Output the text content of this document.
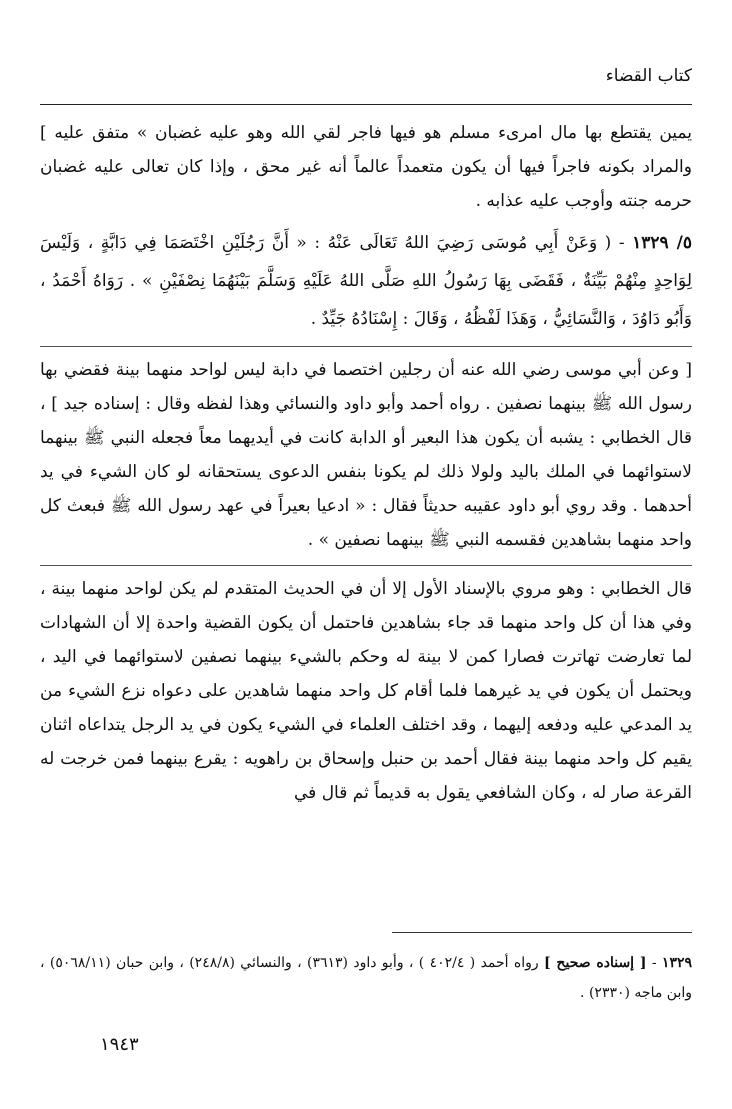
كتاب القضاء

يمين يقتطع بها مال امرىء مسلم هو فيها فاجر لقي الله وهو عليه غضبان » متفق عليه ] والمراد بكونه فاجراً فيها أن يكون متعمداً عالماً أنه غير محق ، وإذا كان تعالى عليه غضبان حرمه جنته وأوجب عليه عذابه .

٥/ ١٣٢٩ - ( وَعَنْ أَبِي مُوسَى رَضِيَ اللهُ تَعَالَى عَنْهُ : « أَنَّ رَجُلَيْنِ اخْتَصَمَا فِي دَابَّةٍ ، وَلَيْسَ لِوَاحِدٍ مِنْهُمْ بَيِّنَةٌ ، فَقَضَى بِهَا رَسُولُ اللهِ صَلَّى اللهُ عَلَيْهِ وَسَلَّمَ بَيْنَهُمَا نِصْفَيْنِ » . رَوَاهُ أَحْمَدُ ، وَأَبُو دَاوُدَ ، وَالنَّسَائِيُّ ، وَهَذَا لَفْظُهُ ، وَقَالَ : إِسْنَادُهُ جَيِّدٌ .

[ وعن أبي موسى رضي الله عنه أن رجلين اختصما في دابة ليس لواحد منهما بينة فقضي بها رسول الله ﷺ بينهما نصفين . رواه أحمد وأبو داود والنسائي وهذا لفظه وقال : إسناده جيد ] ، قال الخطابي : يشبه أن يكون هذا البعير أو الدابة كانت في أيديهما معاً فجعله النبي ﷺ بينهما لاستوائهما في الملك باليد ولولا ذلك لم يكونا بنفس الدعوى يستحقانه لو كان الشيء في يد أحدهما . وقد روي أبو داود عقيبه حديثاً فقال : « ادعيا بعيراً في عهد رسول الله ﷺ فبعث كل واحد منهما بشاهدين فقسمه النبي ﷺ بينهما نصفين » .

قال الخطابي : وهو مروي بالإسناد الأول إلا أن في الحديث المتقدم لم يكن لواحد منهما بينة ، وفي هذا أن كل واحد منهما قد جاء بشاهدين فاحتمل أن يكون القضية واحدة إلا أن الشهادات لما تعارضت تهاترت فصارا كمن لا بينة له وحكم بالشيء بينهما نصفين لاستوائهما في اليد ، ويحتمل أن يكون في يد غيرهما فلما أقام كل واحد منهما شاهدين على دعواه نزع الشيء من يد المدعي عليه ودفعه إليهما ، وقد اختلف العلماء في الشيء يكون في يد الرجل يتداعاه اثنان يقيم كل واحد منهما بينة فقال أحمد بن حنبل وإسحاق بن راهويه : يقرع بينهما فمن خرجت له القرعة صار له ، وكان الشافعي يقول به قديماً ثم قال في

١٣٢٩ - [ إسناده صحيح ] رواه أحمد ( ٤٠٢/٤ ) ، وأبو داود (٣٦١٣) ، والنسائي (٢٤٨/٨) ، وابن حبان (٥٠٦٨/١١) ، وابن ماجه (٢٣٣٠) .

١٩٤٣
